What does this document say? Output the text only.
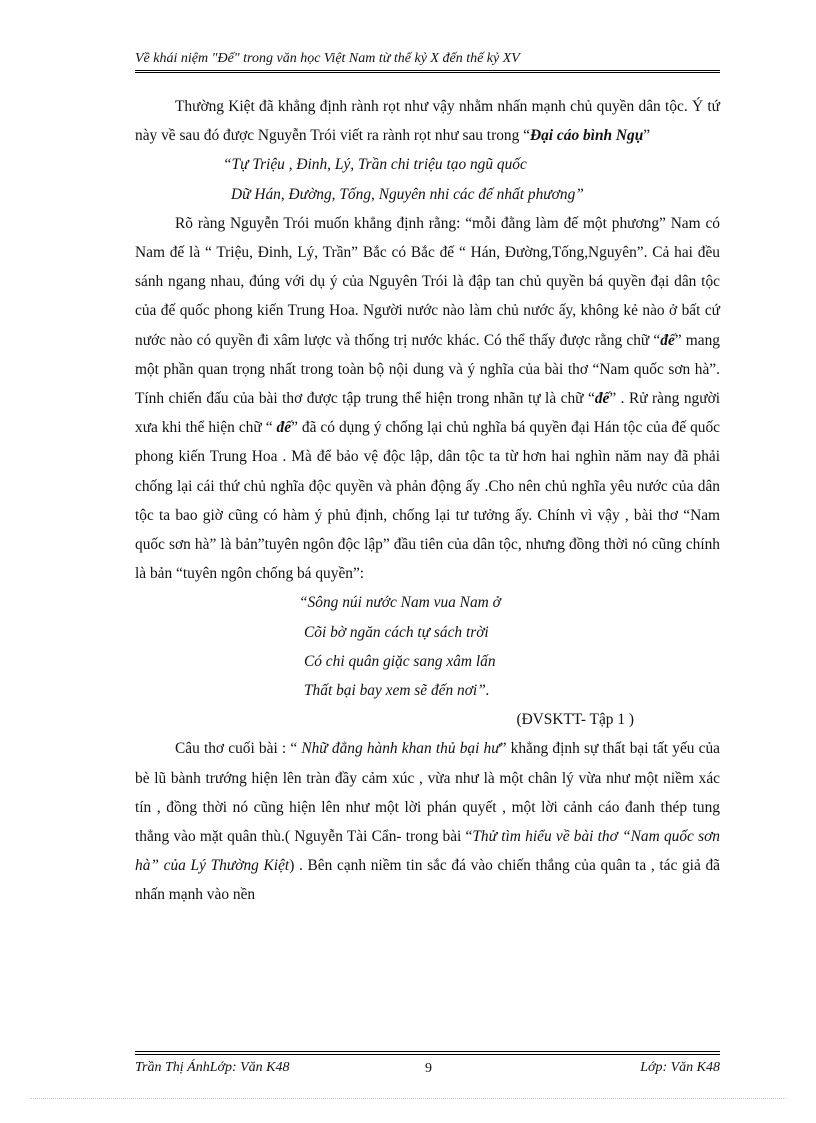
Về khái niệm "Đế" trong văn học Việt Nam từ thế kỷ X đến thế kỷ XV

Thường Kiệt đã khẳng định rành rọt như vậy nhằm nhấn mạnh chủ quyền dân tộc. Ý tứ này về sau đó được Nguyễn Trói viết ra rành rọt như sau trong “Đại cáo bình Ngụ”

“Tự Triệu , Đinh, Lý, Trần chi triệu tạo ngũ quốc
Dữ Hán, Đường, Tống, Nguyên nhi các đế nhất phương”

Rõ ràng Nguyễn Trói muốn khẳng định rằng: “mỗi đằng làm đế một phương” Nam có Nam đế là “ Triệu, Đinh, Lý, Trần” Bắc có Bắc đế “ Hán, Đường,Tống,Nguyên”. Cả hai đều sánh ngang nhau, đúng với dụ ý của Nguyên Trói là đập tan chủ quyền bá quyền đại dân tộc của đế quốc phong kiến Trung Hoa. Người nước nào làm chủ nước ấy, không kẻ nào ở bất cứ nước nào có quyền đi xâm lược và thống trị nước khác. Có thể thấy được rằng chữ “đế” mang một phần quan trọng nhất trong toàn bộ nội dung và ý nghĩa của bài thơ “Nam quốc sơn hà”. Tính chiến đấu của bài thơ được tập trung thể hiện trong nhãn tự là chữ “đế” . Rử ràng người xưa khi thể hiện chữ “ đế” đã có dụng ý chống lại chủ nghĩa bá quyền đại Hán tộc của đế quốc phong kiến Trung Hoa . Mà để bảo vệ độc lập, dân tộc ta từ hơn hai nghìn năm nay đã phải chống lại cái thứ chủ nghĩa độc quyền và phản động ấy .Cho nên chủ nghĩa yêu nước của dân tộc ta bao giờ cũng có hàm ý phủ định, chống lại tư tưởng ấy. Chính vì vậy , bài thơ “Nam quốc sơn hà” là bản”tuyên ngôn độc lập” đầu tiên của dân tộc, nhưng đồng thời nó cũng chính là bản “tuyên ngôn chống bá quyền”:

“Sông núi nước Nam vua Nam ở
Cõi bờ ngăn cách tự sách trời
Có chi quân giặc sang xâm lấn
Thất bại bay xem sẽ đến nơi”.
(ĐVSKTT- Tập 1 )

Câu thơ cuối bài : “ Nhữ đẳng hành khan thủ bại hư” khẳng định sự thất bại tất yếu của bè lũ bành trướng hiện lên tràn đầy cảm xúc , vừa như là một chân lý vừa như một niềm xác tín , đồng thời nó cũng hiện lên như một lời phán quyết , một lời cảnh cáo đanh thép tung thẳng vào mặt quân thù.( Nguyễn Tài Cẩn- trong bài “Thử tìm hiểu về bài thơ “Nam quốc sơn hà” của Lý Thường Kiệt) . Bên cạnh niềm tin sắc đá vào chiến thắng của quân ta , tác giả đã nhấn mạnh vào nền

Trần Thị ÁnhLớp: Văn K48	9	Lớp: Văn K48
